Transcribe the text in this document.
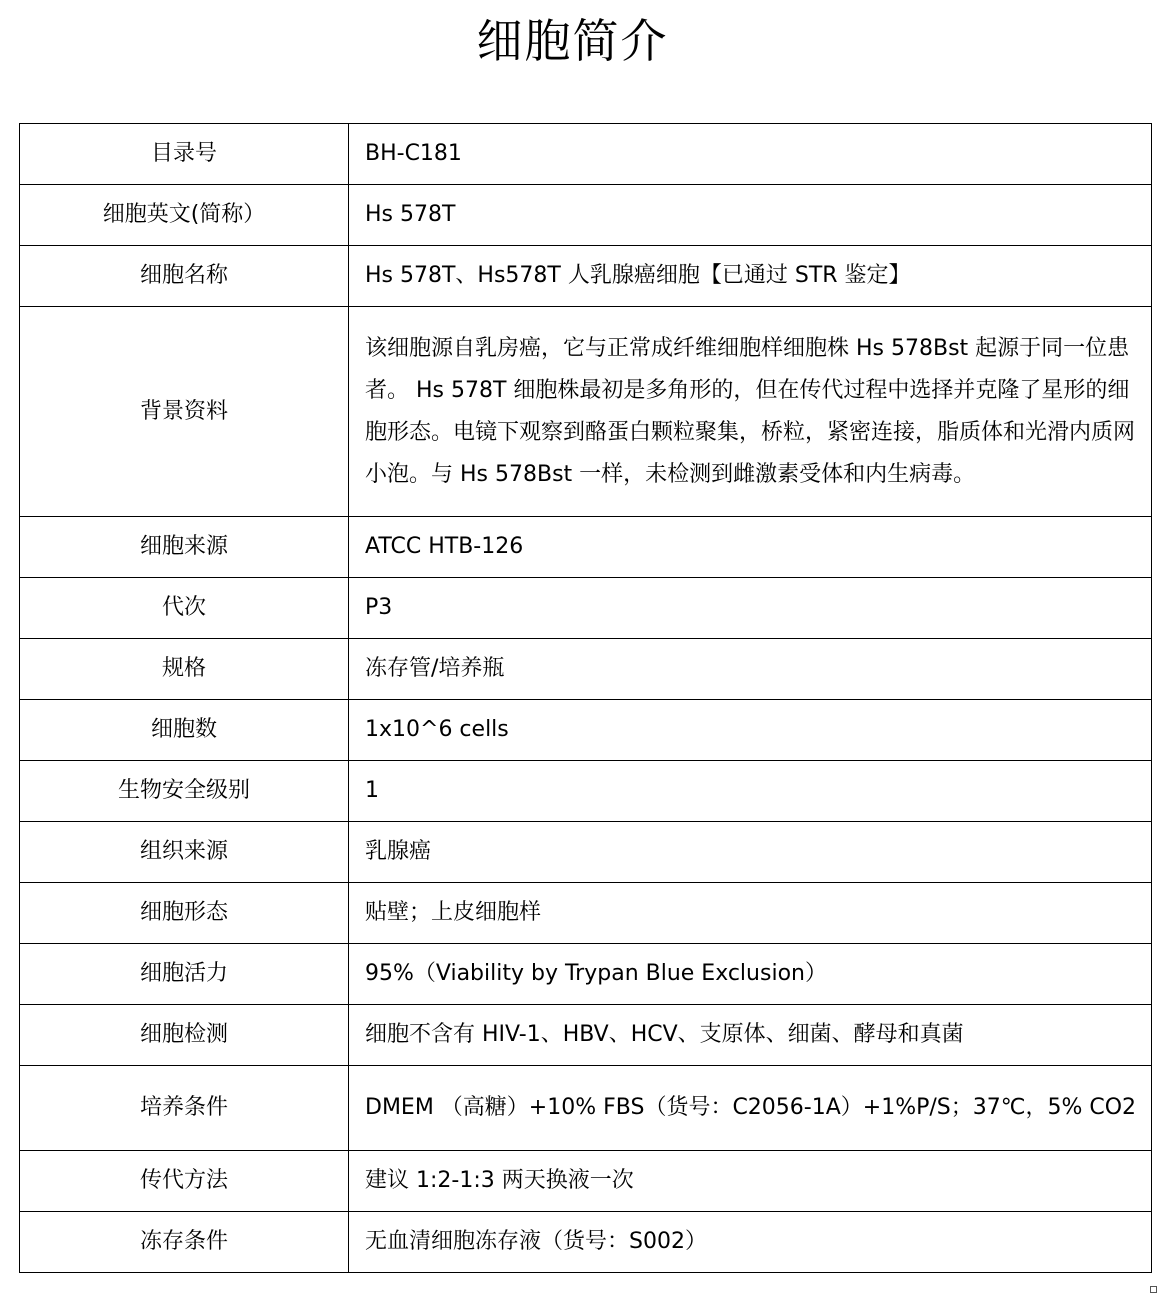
细胞简介
目录号	BH-C181
细胞英文(简称）	Hs 578T
细胞名称	Hs 578T、Hs578T 人乳腺癌细胞【已通过 STR 鉴定】
背景资料	该细胞源自乳房癌，它与正常成纤维细胞样细胞株 Hs 578Bst 起源于同一位患者。 Hs 578T 细胞株最初是多角形的，但在传代过程中选择并克隆了星形的细胞形态。电镜下观察到酪蛋白颗粒聚集，桥粒，紧密连接，脂质体和光滑内质网小泡。与 Hs 578Bst 一样，未检测到雌激素受体和内生病毒。
细胞来源	ATCC HTB-126
代次	P3
规格	冻存管/培养瓶
细胞数	1x10^6 cells
生物安全级别	1
组织来源	乳腺癌
细胞形态	贴壁；上皮细胞样
细胞活力	95%（Viability by Trypan Blue Exclusion）
细胞检测	细胞不含有 HIV-1、HBV、HCV、支原体、细菌、酵母和真菌
培养条件	DMEM （高糖）+10% FBS（货号：C2056-1A）+1%P/S；37℃，5% CO2
传代方法	建议 1:2-1:3 两天换液一次
冻存条件	无血清细胞冻存液（货号：S002）
